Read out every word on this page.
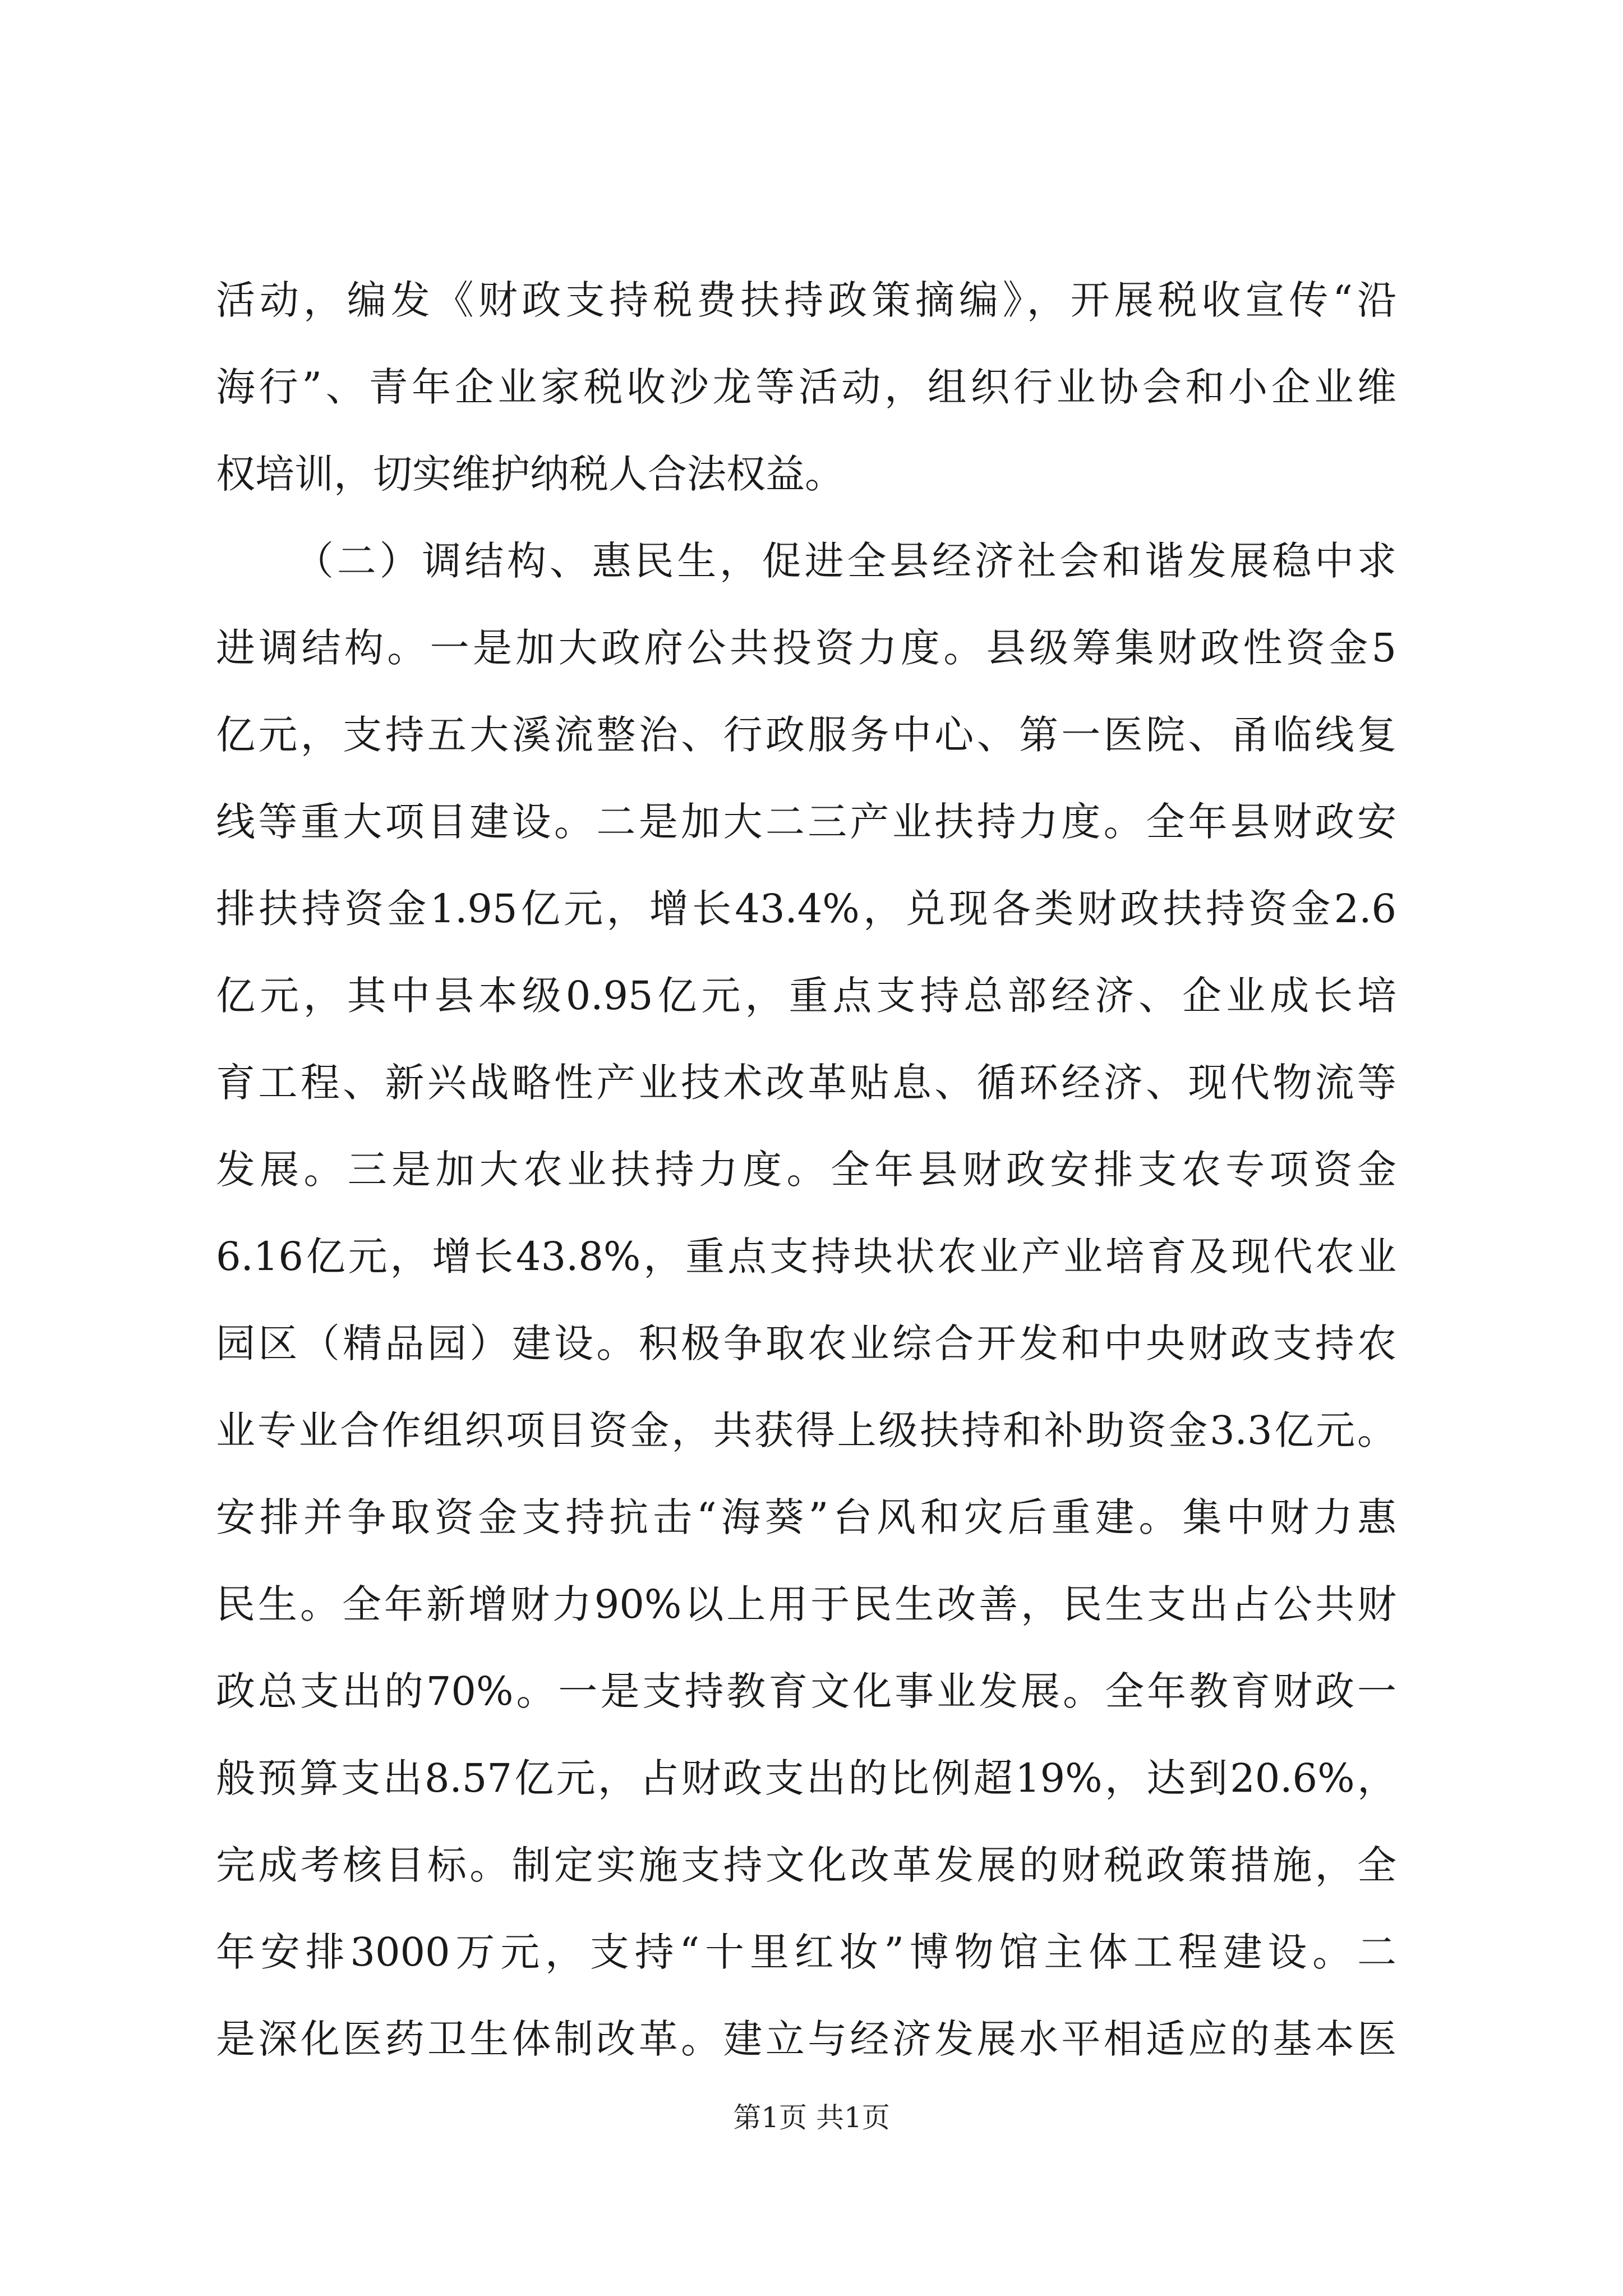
活动，编发《财政支持税费扶持政策摘编》，开展税收宣传“沿
海行”、青年企业家税收沙龙等活动，组织行业协会和小企业维
权培训，切实维护纳税人合法权益。
（二）调结构、惠民生，促进全县经济社会和谐发展稳中求
进调结构。一是加大政府公共投资力度。县级筹集财政性资金5
亿元，支持五大溪流整治、行政服务中心、第一医院、甬临线复
线等重大项目建设。二是加大二三产业扶持力度。全年县财政安
排扶持资金1.95亿元，增长43.4%，兑现各类财政扶持资金2.6
亿元，其中县本级0.95亿元，重点支持总部经济、企业成长培
育工程、新兴战略性产业技术改革贴息、循环经济、现代物流等
发展。三是加大农业扶持力度。全年县财政安排支农专项资金
6.16亿元，增长43.8%，重点支持块状农业产业培育及现代农业
园区（精品园）建设。积极争取农业综合开发和中央财政支持农
业专业合作组织项目资金，共获得上级扶持和补助资金3.3亿元。
安排并争取资金支持抗击“海葵”台风和灾后重建。集中财力惠
民生。全年新增财力90%以上用于民生改善，民生支出占公共财
政总支出的70%。一是支持教育文化事业发展。全年教育财政一
般预算支出8.57亿元，占财政支出的比例超19%，达到20.6%，
完成考核目标。制定实施支持文化改革发展的财税政策措施，全
年安排3000万元，支持“十里红妆”博物馆主体工程建设。二
是深化医药卫生体制改革。建立与经济发展水平相适应的基本医
第1页 共1页
